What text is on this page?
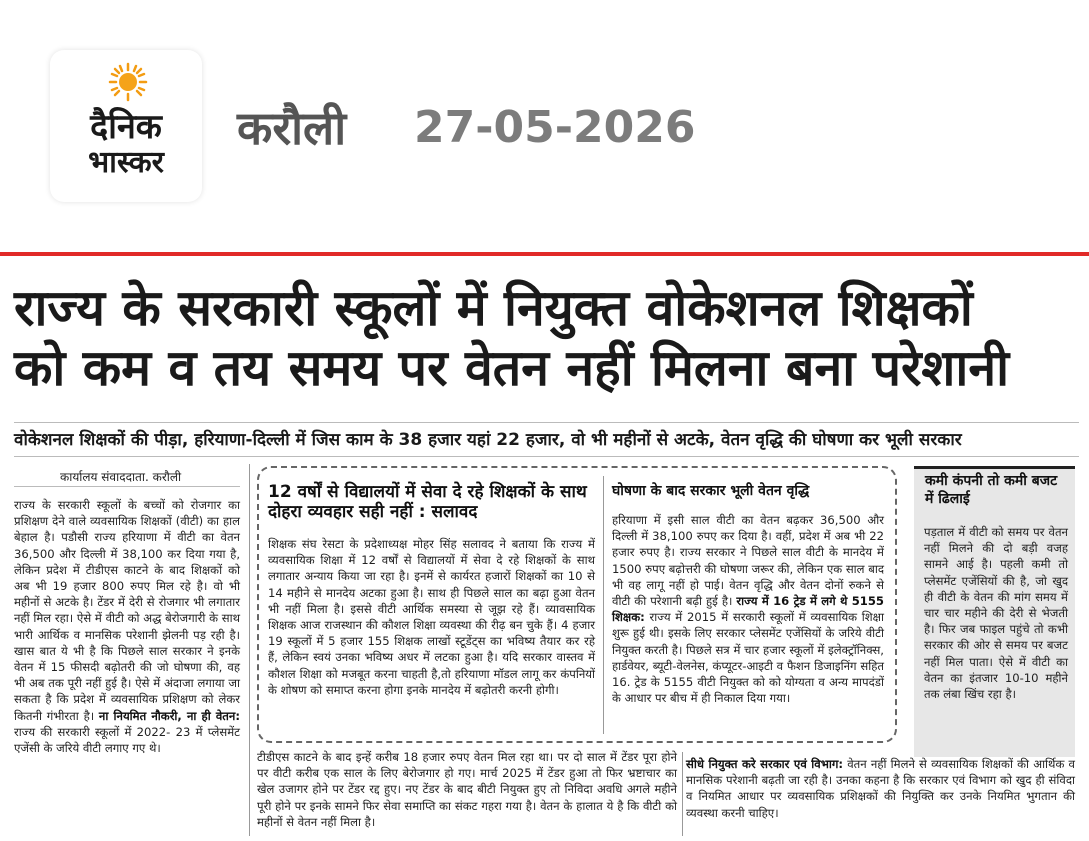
दैनिक
भास्कर
करौली 27-05-2026
राज्य के सरकारी स्कूलों में नियुक्त वोकेशनल शिक्षकों
को कम व तय समय पर वेतन नहीं मिलना बना परेशानी
वोकेशनल शिक्षकों की पीड़ा, हरियाणा-दिल्ली में जिस काम के 38 हजार यहां 22 हजार, वो भी महीनों से अटके, वेतन वृद्धि की घोषणा कर भूली सरकार
कार्यालय संवाददाता. करौली
राज्य के सरकारी स्कूलों के बच्चों को रोजगार का प्रशिक्षण देने वाले व्यवसायिक शिक्षकों (वीटी) का हाल बेहाल है। पडौसी राज्य हरियाणा में वीटी का वेतन 36,500 और दिल्ली में 38,100 कर दिया गया है, लेकिन प्रदेश में टीडीएस काटने के बाद शिक्षकों को अब भी 19 हजार 800 रुपए मिल रहे है। वो भी महीनों से अटके है। टेंडर में देरी से रोजगार भी लगातार नहीं मिल रहा। ऐसे में वीटी को अद्ध बेरोजगारी के साथ भारी आर्थिक व मानसिक परेशानी झेलनी पड़ रही है। खास बात ये भी है कि पिछले साल सरकार ने इनके वेतन में 15 फीसदी बढ़ोतरी की जो घोषणा की, वह भी अब तक पूरी नहीं हुई है। ऐसे में अंदाजा लगाया जा सकता है कि प्रदेश में व्यवसायिक प्रशिक्षण को लेकर कितनी गंभीरता है। ना नियमित नौकरी, ना ही वेतन: राज्य की सरकारी स्कूलों में 2022- 23 में प्लेसमेंट एजेंसी के जरिये वीटी लगाए गए थे।
12 वर्षों से विद्यालयों में सेवा दे रहे शिक्षकों के साथ दोहरा व्यवहार सही नहीं : सलावद
शिक्षक संघ रेसटा के प्रदेशाध्यक्ष मोहर सिंह सलावद ने बताया कि राज्य में व्यवसायिक शिक्षा में 12 वर्षों से विद्यालयों में सेवा दे रहे शिक्षकों के साथ लगातार अन्याय किया जा रहा है। इनमें से कार्यरत हजारों शिक्षकों का 10 से 14 महीने से मानदेय अटका हुआ है। साथ ही पिछले साल का बढ़ा हुआ वेतन भी नहीं मिला है। इससे वीटी आर्थिक समस्या से जूझ रहे हैं। व्यावसायिक शिक्षक आज राजस्थान की कौशल शिक्षा व्यवस्था की रीढ़ बन चुके हैं। 4 हजार 19 स्कूलों में 5 हजार 155 शिक्षक लाखों स्टूडेंट्स का भविष्य तैयार कर रहे हैं, लेकिन स्वयं उनका भविष्य अधर में लटका हुआ है। यदि सरकार वास्तव में कौशल शिक्षा को मजबूत करना चाहती है,तो हरियाणा मॉडल लागू कर कंपनियों के शोषण को समाप्त करना होगा इनके मानदेय में बढ़ोतरी करनी होगी।
घोषणा के बाद सरकार भूली वेतन वृद्धि
हरियाणा में इसी साल वीटी का वेतन बढ़कर 36,500 और दिल्ली में 38,100 रुपए कर दिया है। वहीं, प्रदेश में अब भी 22 हजार रुपए है। राज्य सरकार ने पिछले साल वीटी के मानदेय में 1500 रुपए बढ़ोत्तरी की घोषणा जरूर की, लेकिन एक साल बाद भी वह लागू नहीं हो पाई। वेतन वृद्धि और वेतन दोनों रुकने से वीटी की परेशानी बढ़ी हुई है। राज्य में 16 ट्रेड में लगे थे 5155 शिक्षक: राज्य में 2015 में सरकारी स्कूलों में व्यवसायिक शिक्षा शुरू हुई थी। इसके लिए सरकार प्लेसमेंट एजेंसियों के जरिये वीटी नियुक्त करती है। पिछले सत्र में चार हजार स्कूलों में इलेक्ट्रॉनिक्स, हार्डवेयर, ब्यूटी-वेलनेस, कंप्यूटर-आइटी व फैशन डिजाइनिंग सहित 16. ट्रेड के 5155 वीटी नियुक्त को को योग्यता व अन्य मापदंडों के आधार पर बीच में ही निकाल दिया गया।
कमी कंपनी तो कमी बजट में ढिलाई
पड़ताल में वीटी को समय पर वेतन नहीं मिलने की दो बड़ी वजह सामने आई है। पहली कमी तो प्लेसमेंट एजेंसियों की है, जो खुद ही वीटी के वेतन की मांग समय में चार चार महीने की देरी से भेजती है। फिर जब फाइल पहुंचे तो कभी सरकार की ओर से समय पर बजट नहीं मिल पाता। ऐसे में वीटी का वेतन का इंतजार 10-10 महीने तक लंबा खिंच रहा है।
टीडीएस काटने के बाद इन्हें करीब 18 हजार रुपए वेतन मिल रहा था। पर दो साल में टेंडर पूरा होने पर वीटी करीब एक साल के लिए बेरोजगार हो गए। मार्च 2025 में टेंडर हुआ तो फिर भ्रष्टाचार का खेल उजागर होने पर टेंडर रद्द हुए। नए टेंडर के बाद बीटी नियुक्त हुए तो निविदा अवधि अगले महीने पूरी होने पर इनके सामने फिर सेवा समाप्ति का संकट गहरा गया है। वेतन के हालात ये है कि वीटी को महीनों से वेतन नहीं मिला है।
सीधे नियुक्त करे सरकार एवं विभाग: वेतन नहीं मिलने से व्यवसायिक शिक्षकों की आर्थिक व मानसिक परेशानी बढ़ती जा रही है। उनका कहना है कि सरकार एवं विभाग को खुद ही संविदा व नियमित आधार पर व्यवसायिक प्रशिक्षकों की नियुक्ति कर उनके नियमित भुगतान की व्यवस्था करनी चाहिए।
